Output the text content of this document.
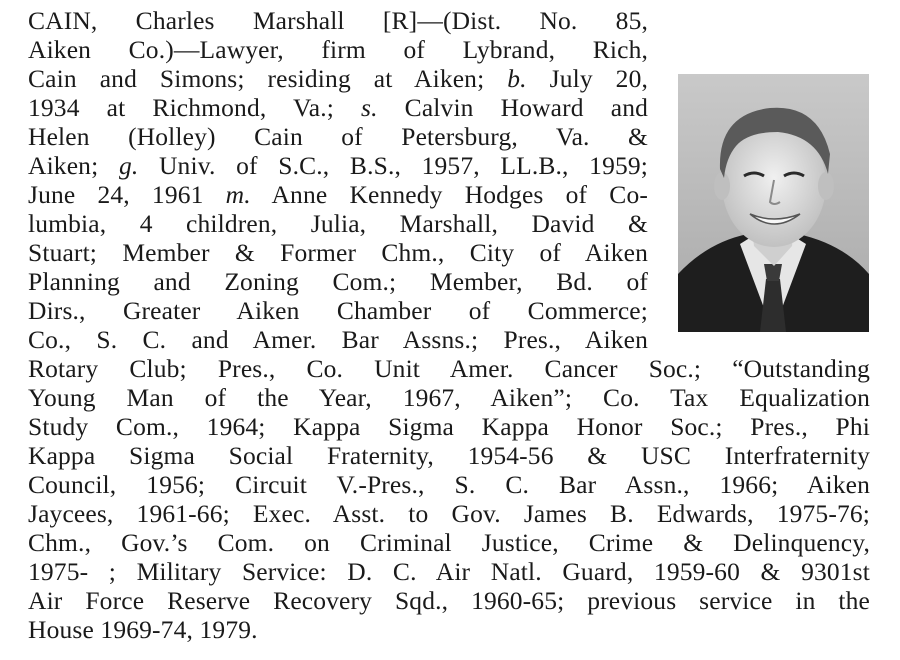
CAIN, Charles Marshall [R]—(Dist. No. 85,
Aiken Co.)—Lawyer, firm of Lybrand, Rich,
Cain and Simons; residing at Aiken; b. July 20,
1934 at Richmond, Va.; s. Calvin Howard and
Helen (Holley) Cain of Petersburg, Va. &
Aiken; g. Univ. of S.C., B.S., 1957, LL.B., 1959;
June 24, 1961 m. Anne Kennedy Hodges of Co-
lumbia, 4 children, Julia, Marshall, David &
Stuart; Member & Former Chm., City of Aiken
Planning and Zoning Com.; Member, Bd. of
Dirs., Greater Aiken Chamber of Commerce;
Co., S. C. and Amer. Bar Assns.; Pres., Aiken
Rotary Club; Pres., Co. Unit Amer. Cancer Soc.; “Outstanding
Young Man of the Year, 1967, Aiken”; Co. Tax Equalization
Study Com., 1964; Kappa Sigma Kappa Honor Soc.; Pres., Phi
Kappa Sigma Social Fraternity, 1954-56 & USC Interfraternity
Council, 1956; Circuit V.-Pres., S. C. Bar Assn., 1966; Aiken
Jaycees, 1961-66; Exec. Asst. to Gov. James B. Edwards, 1975-76;
Chm., Gov.’s Com. on Criminal Justice, Crime & Delinquency,
1975- ; Military Service: D. C. Air Natl. Guard, 1959-60 & 9301st
Air Force Reserve Recovery Sqd., 1960-65; previous service in the
House 1969-74, 1979.
